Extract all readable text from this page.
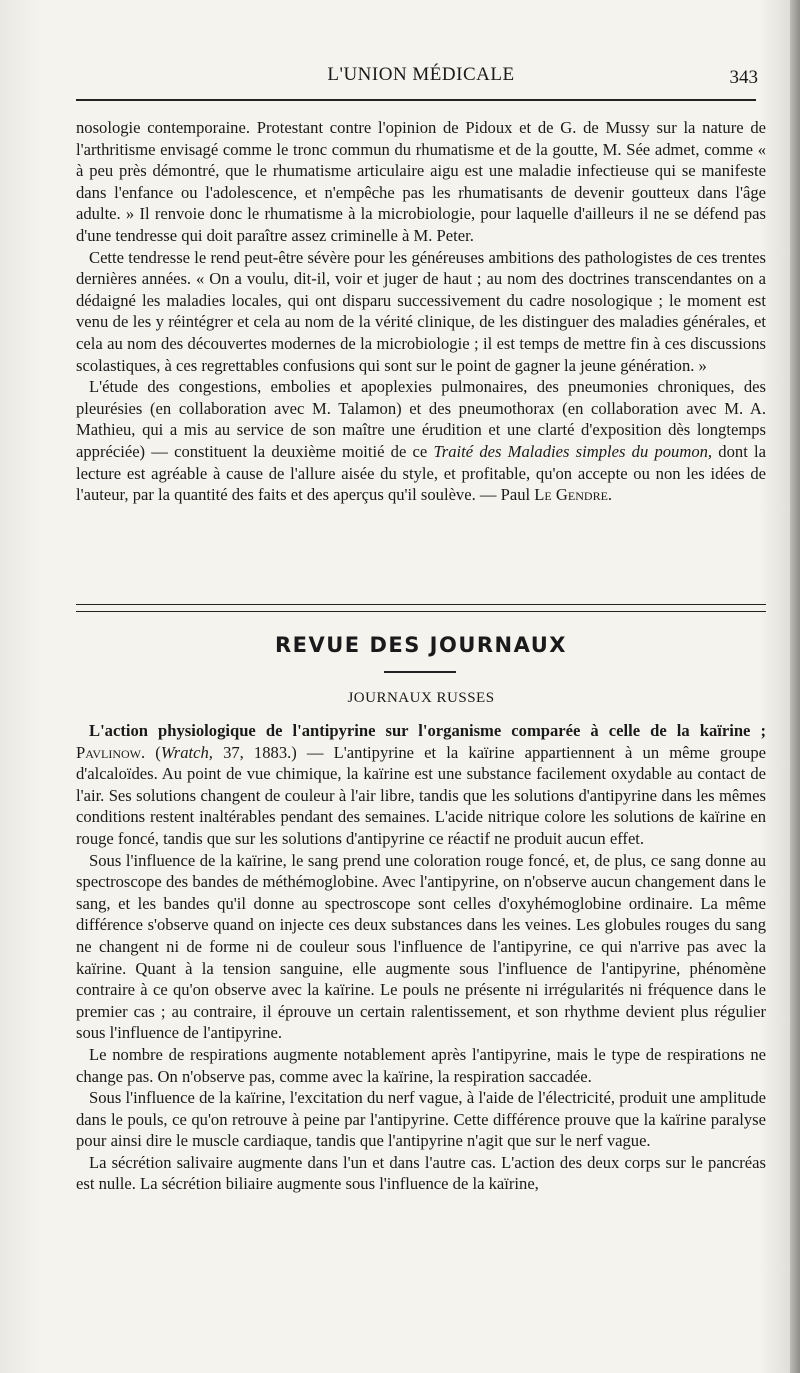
L'UNION MÉDICALE	343

nosologie contemporaine. Protestant contre l'opinion de Pidoux et de G. de Mussy sur la nature de l'arthritisme envisagé comme le tronc commun du rhumatisme et de la goutte, M. Sée admet, comme « à peu près démontré, que le rhumatisme articulaire aigu est une maladie infectieuse qui se manifeste dans l'enfance ou l'adolescence, et n'empêche pas les rhumatisants de devenir goutteux dans l'âge adulte. » Il renvoie donc le rhumatisme à la microbiologie, pour laquelle d'ailleurs il ne se défend pas d'une tendresse qui doit paraître assez criminelle à M. Peter.

Cette tendresse le rend peut-être sévère pour les généreuses ambitions des pathologistes de ces trentes dernières années. « On a voulu, dit-il, voir et juger de haut ; au nom des doctrines transcendantes on a dédaigné les maladies locales, qui ont disparu successivement du cadre nosologique ; le moment est venu de les y réintégrer et cela au nom de la vérité clinique, de les distinguer des maladies générales, et cela au nom des découvertes modernes de la microbiologie ; il est temps de mettre fin à ces discussions scolastiques, à ces regrettables confusions qui sont sur le point de gagner la jeune génération. »

L'étude des congestions, embolies et apoplexies pulmonaires, des pneumonies chroniques, des pleurésies (en collaboration avec M. Talamon) et des pneumothorax (en collaboration avec M. A. Mathieu, qui a mis au service de son maître une érudition et une clarté d'exposition dès longtemps appréciée) — constituent la deuxième moitié de ce Traité des Maladies simples du poumon, dont la lecture est agréable à cause de l'allure aisée du style, et profitable, qu'on accepte ou non les idées de l'auteur, par la quantité des faits et des aperçus qu'il soulève. — Paul Le Gendre.

REVUE DES JOURNAUX
JOURNAUX RUSSES

L'action physiologique de l'antipyrine sur l'organisme comparée à celle de la kaïrine ; Pavlinow. (Wratch, 37, 1883.) — L'antipyrine et la kaïrine appartiennent à un même groupe d'alcaloïdes. Au point de vue chimique, la kaïrine est une substance facilement oxydable au contact de l'air. Ses solutions changent de couleur à l'air libre, tandis que les solutions d'antipyrine dans les mêmes conditions restent inaltérables pendant des semaines. L'acide nitrique colore les solutions de kaïrine en rouge foncé, tandis que sur les solutions d'antipyrine ce réactif ne produit aucun effet.

Sous l'influence de la kaïrine, le sang prend une coloration rouge foncé, et, de plus, ce sang donne au spectroscope des bandes de méthémoglobine. Avec l'antipyrine, on n'observe aucun changement dans le sang, et les bandes qu'il donne au spectroscope sont celles d'oxyhémoglobine ordinaire. La même différence s'observe quand on injecte ces deux substances dans les veines. Les globules rouges du sang ne changent ni de forme ni de couleur sous l'influence de l'antipyrine, ce qui n'arrive pas avec la kaïrine. Quant à la tension sanguine, elle augmente sous l'influence de l'antipyrine, phénomène contraire à ce qu'on observe avec la kaïrine. Le pouls ne présente ni irrégularités ni fréquence dans le premier cas ; au contraire, il éprouve un certain ralentissement, et son rhythme devient plus régulier sous l'influence de l'antipyrine.

Le nombre de respirations augmente notablement après l'antipyrine, mais le type de respirations ne change pas. On n'observe pas, comme avec la kaïrine, la respiration saccadée.

Sous l'influence de la kaïrine, l'excitation du nerf vague, à l'aide de l'électricité, produit une amplitude dans le pouls, ce qu'on retrouve à peine par l'antipyrine. Cette différence prouve que la kaïrine paralyse pour ainsi dire le muscle cardiaque, tandis que l'antipyrine n'agit que sur le nerf vague.

La sécrétion salivaire augmente dans l'un et dans l'autre cas. L'action des deux corps sur le pancréas est nulle. La sécrétion biliaire augmente sous l'influence de la kaïrine,
